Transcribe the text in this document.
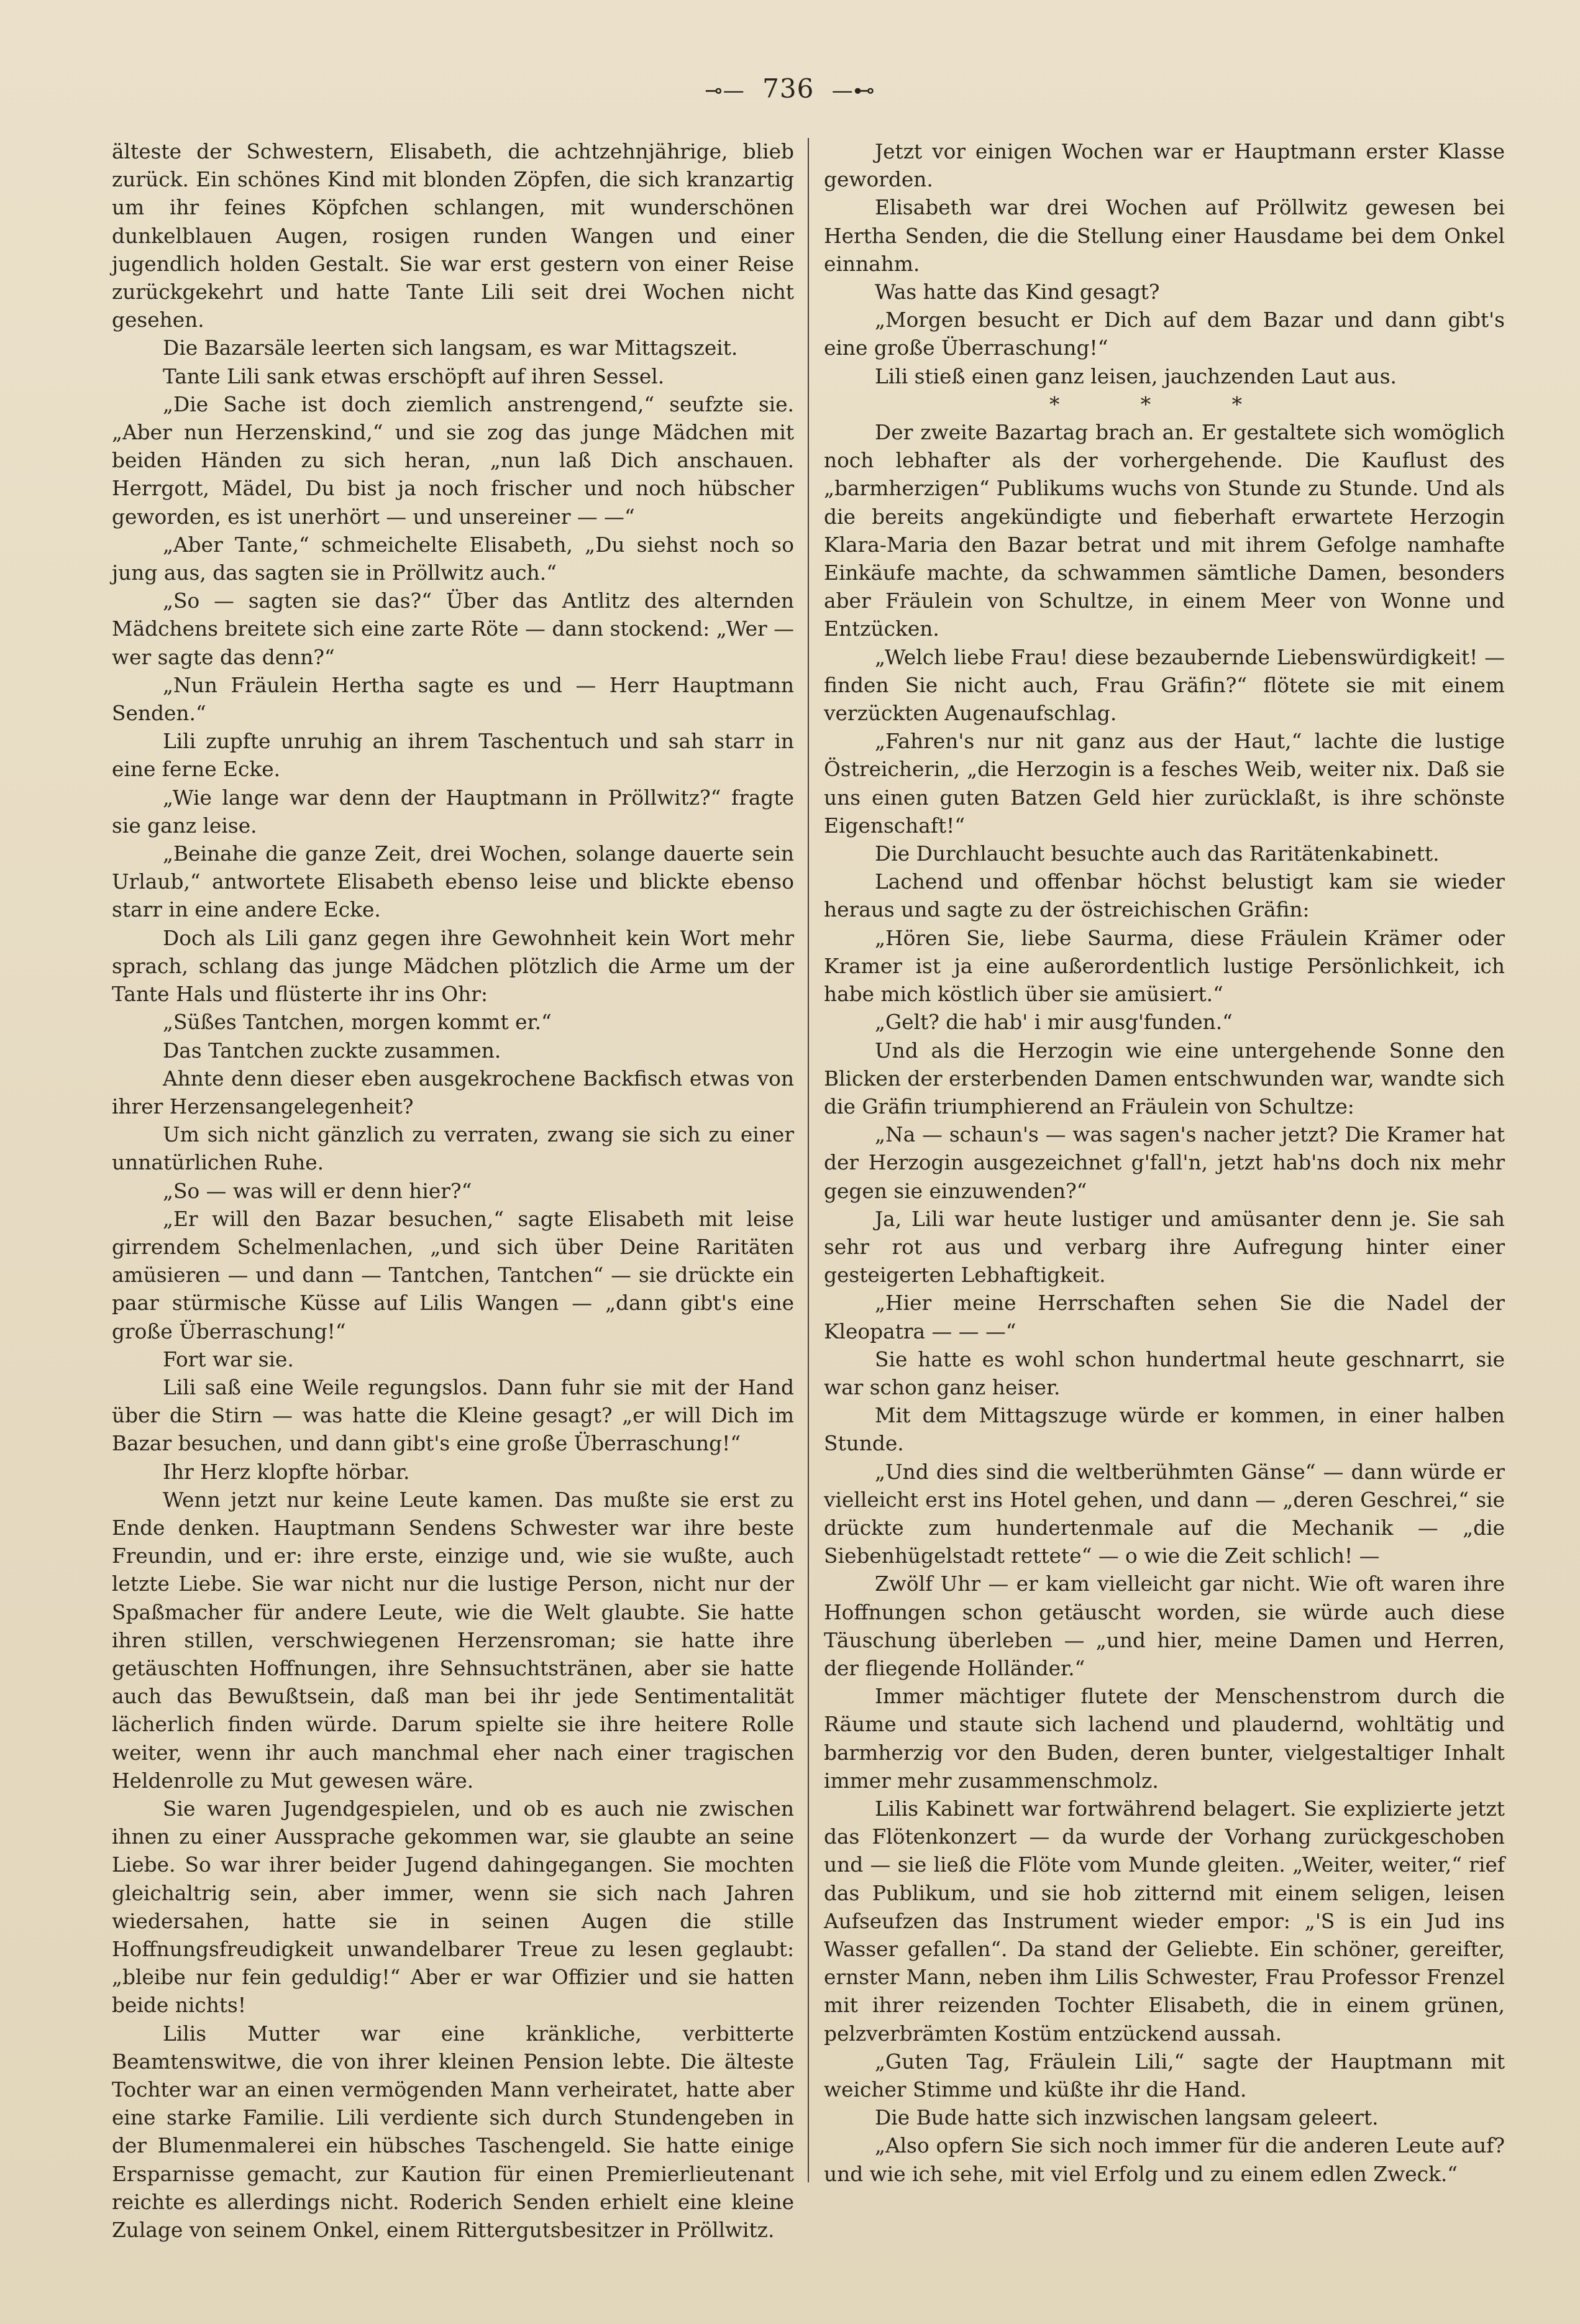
⊸— 736 —⊷

älteste der Schwestern, Elisabeth, die achtzehnjährige, blieb zurück. Ein schönes Kind mit blonden Zöpfen, die sich kranzartig um ihr feines Köpfchen schlangen, mit wunderschönen dunkelblauen Augen, rosigen runden Wangen und einer jugendlich holden Gestalt. Sie war erst gestern von einer Reise zurückgekehrt und hatte Tante Lili seit drei Wochen nicht gesehen.

Die Bazarsäle leerten sich langsam, es war Mittagszeit.

Tante Lili sank etwas erschöpft auf ihren Sessel.

„Die Sache ist doch ziemlich anstrengend,“ seufzte sie. „Aber nun Herzenskind,“ und sie zog das junge Mädchen mit beiden Händen zu sich heran, „nun laß Dich anschauen. Herrgott, Mädel, Du bist ja noch frischer und noch hübscher geworden, es ist unerhört — und unsereiner — —“

„Aber Tante,“ schmeichelte Elisabeth, „Du siehst noch so jung aus, das sagten sie in Pröllwitz auch.“

„So — sagten sie das?“ Über das Antlitz des alternden Mädchens breitete sich eine zarte Röte — dann stockend: „Wer — wer sagte das denn?“

„Nun Fräulein Hertha sagte es und — Herr Hauptmann Senden.“

Lili zupfte unruhig an ihrem Taschentuch und sah starr in eine ferne Ecke.

„Wie lange war denn der Hauptmann in Pröllwitz?“ fragte sie ganz leise.

„Beinahe die ganze Zeit, drei Wochen, solange dauerte sein Urlaub,“ antwortete Elisabeth ebenso leise und blickte ebenso starr in eine andere Ecke.

Doch als Lili ganz gegen ihre Gewohnheit kein Wort mehr sprach, schlang das junge Mädchen plötzlich die Arme um der Tante Hals und flüsterte ihr ins Ohr:

„Süßes Tantchen, morgen kommt er.“

Das Tantchen zuckte zusammen.

Ahnte denn dieser eben ausgekrochene Backfisch etwas von ihrer Herzensangelegenheit?

Um sich nicht gänzlich zu verraten, zwang sie sich zu einer unnatürlichen Ruhe.

„So — was will er denn hier?“

„Er will den Bazar besuchen,“ sagte Elisabeth mit leise girrendem Schelmenlachen, „und sich über Deine Raritäten amüsieren — und dann — Tantchen, Tantchen“ — sie drückte ein paar stürmische Küsse auf Lilis Wangen — „dann gibt's eine große Überraschung!“

Fort war sie.

Lili saß eine Weile regungslos. Dann fuhr sie mit der Hand über die Stirn — was hatte die Kleine gesagt? „er will Dich im Bazar besuchen, und dann gibt's eine große Überraschung!“

Ihr Herz klopfte hörbar.

Wenn jetzt nur keine Leute kamen. Das mußte sie erst zu Ende denken. Hauptmann Sendens Schwester war ihre beste Freundin, und er: ihre erste, einzige und, wie sie wußte, auch letzte Liebe. Sie war nicht nur die lustige Person, nicht nur der Spaßmacher für andere Leute, wie die Welt glaubte. Sie hatte ihren stillen, verschwiegenen Herzensroman; sie hatte ihre getäuschten Hoffnungen, ihre Sehnsuchtstränen, aber sie hatte auch das Bewußtsein, daß man bei ihr jede Sentimentalität lächerlich finden würde. Darum spielte sie ihre heitere Rolle weiter, wenn ihr auch manchmal eher nach einer tragischen Heldenrolle zu Mut gewesen wäre.

Sie waren Jugendgespielen, und ob es auch nie zwischen ihnen zu einer Aussprache gekommen war, sie glaubte an seine Liebe. So war ihrer beider Jugend dahingegangen. Sie mochten gleichaltrig sein, aber immer, wenn sie sich nach Jahren wiedersahen, hatte sie in seinen Augen die stille Hoffnungsfreudigkeit unwandelbarer Treue zu lesen geglaubt: „bleibe nur fein geduldig!“ Aber er war Offizier und sie hatten beide nichts!

Lilis Mutter war eine kränkliche, verbitterte Beamtenswitwe, die von ihrer kleinen Pension lebte. Die älteste Tochter war an einen vermögenden Mann verheiratet, hatte aber eine starke Familie. Lili verdiente sich durch Stundengeben in der Blumenmalerei ein hübsches Taschengeld. Sie hatte einige Ersparnisse gemacht, zur Kaution für einen Premierlieutenant reichte es allerdings nicht. Roderich Senden erhielt eine kleine Zulage von seinem Onkel, einem Rittergutsbesitzer in Pröllwitz.

Jetzt vor einigen Wochen war er Hauptmann erster Klasse geworden.

Elisabeth war drei Wochen auf Pröllwitz gewesen bei Hertha Senden, die die Stellung einer Hausdame bei dem Onkel einnahm.

Was hatte das Kind gesagt?

„Morgen besucht er Dich auf dem Bazar und dann gibt's eine große Überraschung!“

Lili stieß einen ganz leisen, jauchzenden Laut aus.

* * *

Der zweite Bazartag brach an. Er gestaltete sich womöglich noch lebhafter als der vorhergehende. Die Kauflust des „barmherzigen“ Publikums wuchs von Stunde zu Stunde. Und als die bereits angekündigte und fieberhaft erwartete Herzogin Klara-Maria den Bazar betrat und mit ihrem Gefolge namhafte Einkäufe machte, da schwammen sämtliche Damen, besonders aber Fräulein von Schultze, in einem Meer von Wonne und Entzücken.

„Welch liebe Frau! diese bezaubernde Liebenswürdigkeit! — finden Sie nicht auch, Frau Gräfin?“ flötete sie mit einem verzückten Augenaufschlag.

„Fahren's nur nit ganz aus der Haut,“ lachte die lustige Östreicherin, „die Herzogin is a fesches Weib, weiter nix. Daß sie uns einen guten Batzen Geld hier zurücklaßt, is ihre schönste Eigenschaft!“

Die Durchlaucht besuchte auch das Raritätenkabinett.

Lachend und offenbar höchst belustigt kam sie wieder heraus und sagte zu der östreichischen Gräfin:

„Hören Sie, liebe Saurma, diese Fräulein Krämer oder Kramer ist ja eine außerordentlich lustige Persönlichkeit, ich habe mich köstlich über sie amüsiert.“

„Gelt? die hab' i mir ausg'funden.“

Und als die Herzogin wie eine untergehende Sonne den Blicken der ersterbenden Damen entschwunden war, wandte sich die Gräfin triumphierend an Fräulein von Schultze:

„Na — schaun's — was sagen's nacher jetzt? Die Kramer hat der Herzogin ausgezeichnet g'fall'n, jetzt hab'ns doch nix mehr gegen sie einzuwenden?“

Ja, Lili war heute lustiger und amüsanter denn je. Sie sah sehr rot aus und verbarg ihre Aufregung hinter einer gesteigerten Lebhaftigkeit.

„Hier meine Herrschaften sehen Sie die Nadel der Kleopatra — — —“

Sie hatte es wohl schon hundertmal heute geschnarrt, sie war schon ganz heiser.

Mit dem Mittagszuge würde er kommen, in einer halben Stunde.

„Und dies sind die weltberühmten Gänse“ — dann würde er vielleicht erst ins Hotel gehen, und dann — „deren Geschrei,“ sie drückte zum hundertenmale auf die Mechanik — „die Siebenhügelstadt rettete“ — o wie die Zeit schlich! —

Zwölf Uhr — er kam vielleicht gar nicht. Wie oft waren ihre Hoffnungen schon getäuscht worden, sie würde auch diese Täuschung überleben — „und hier, meine Damen und Herren, der fliegende Holländer.“

Immer mächtiger flutete der Menschenstrom durch die Räume und staute sich lachend und plaudernd, wohltätig und barmherzig vor den Buden, deren bunter, vielgestaltiger Inhalt immer mehr zusammenschmolz.

Lilis Kabinett war fortwährend belagert. Sie explizierte jetzt das Flötenkonzert — da wurde der Vorhang zurückgeschoben und — sie ließ die Flöte vom Munde gleiten. „Weiter, weiter,“ rief das Publikum, und sie hob zitternd mit einem seligen, leisen Aufseufzen das Instrument wieder empor: „'S is ein Jud ins Wasser gefallen“. Da stand der Geliebte. Ein schöner, gereifter, ernster Mann, neben ihm Lilis Schwester, Frau Professor Frenzel mit ihrer reizenden Tochter Elisabeth, die in einem grünen, pelzverbrämten Kostüm entzückend aussah.

„Guten Tag, Fräulein Lili,“ sagte der Hauptmann mit weicher Stimme und küßte ihr die Hand.

Die Bude hatte sich inzwischen langsam geleert.

„Also opfern Sie sich noch immer für die anderen Leute auf? und wie ich sehe, mit viel Erfolg und zu einem edlen Zweck.“
